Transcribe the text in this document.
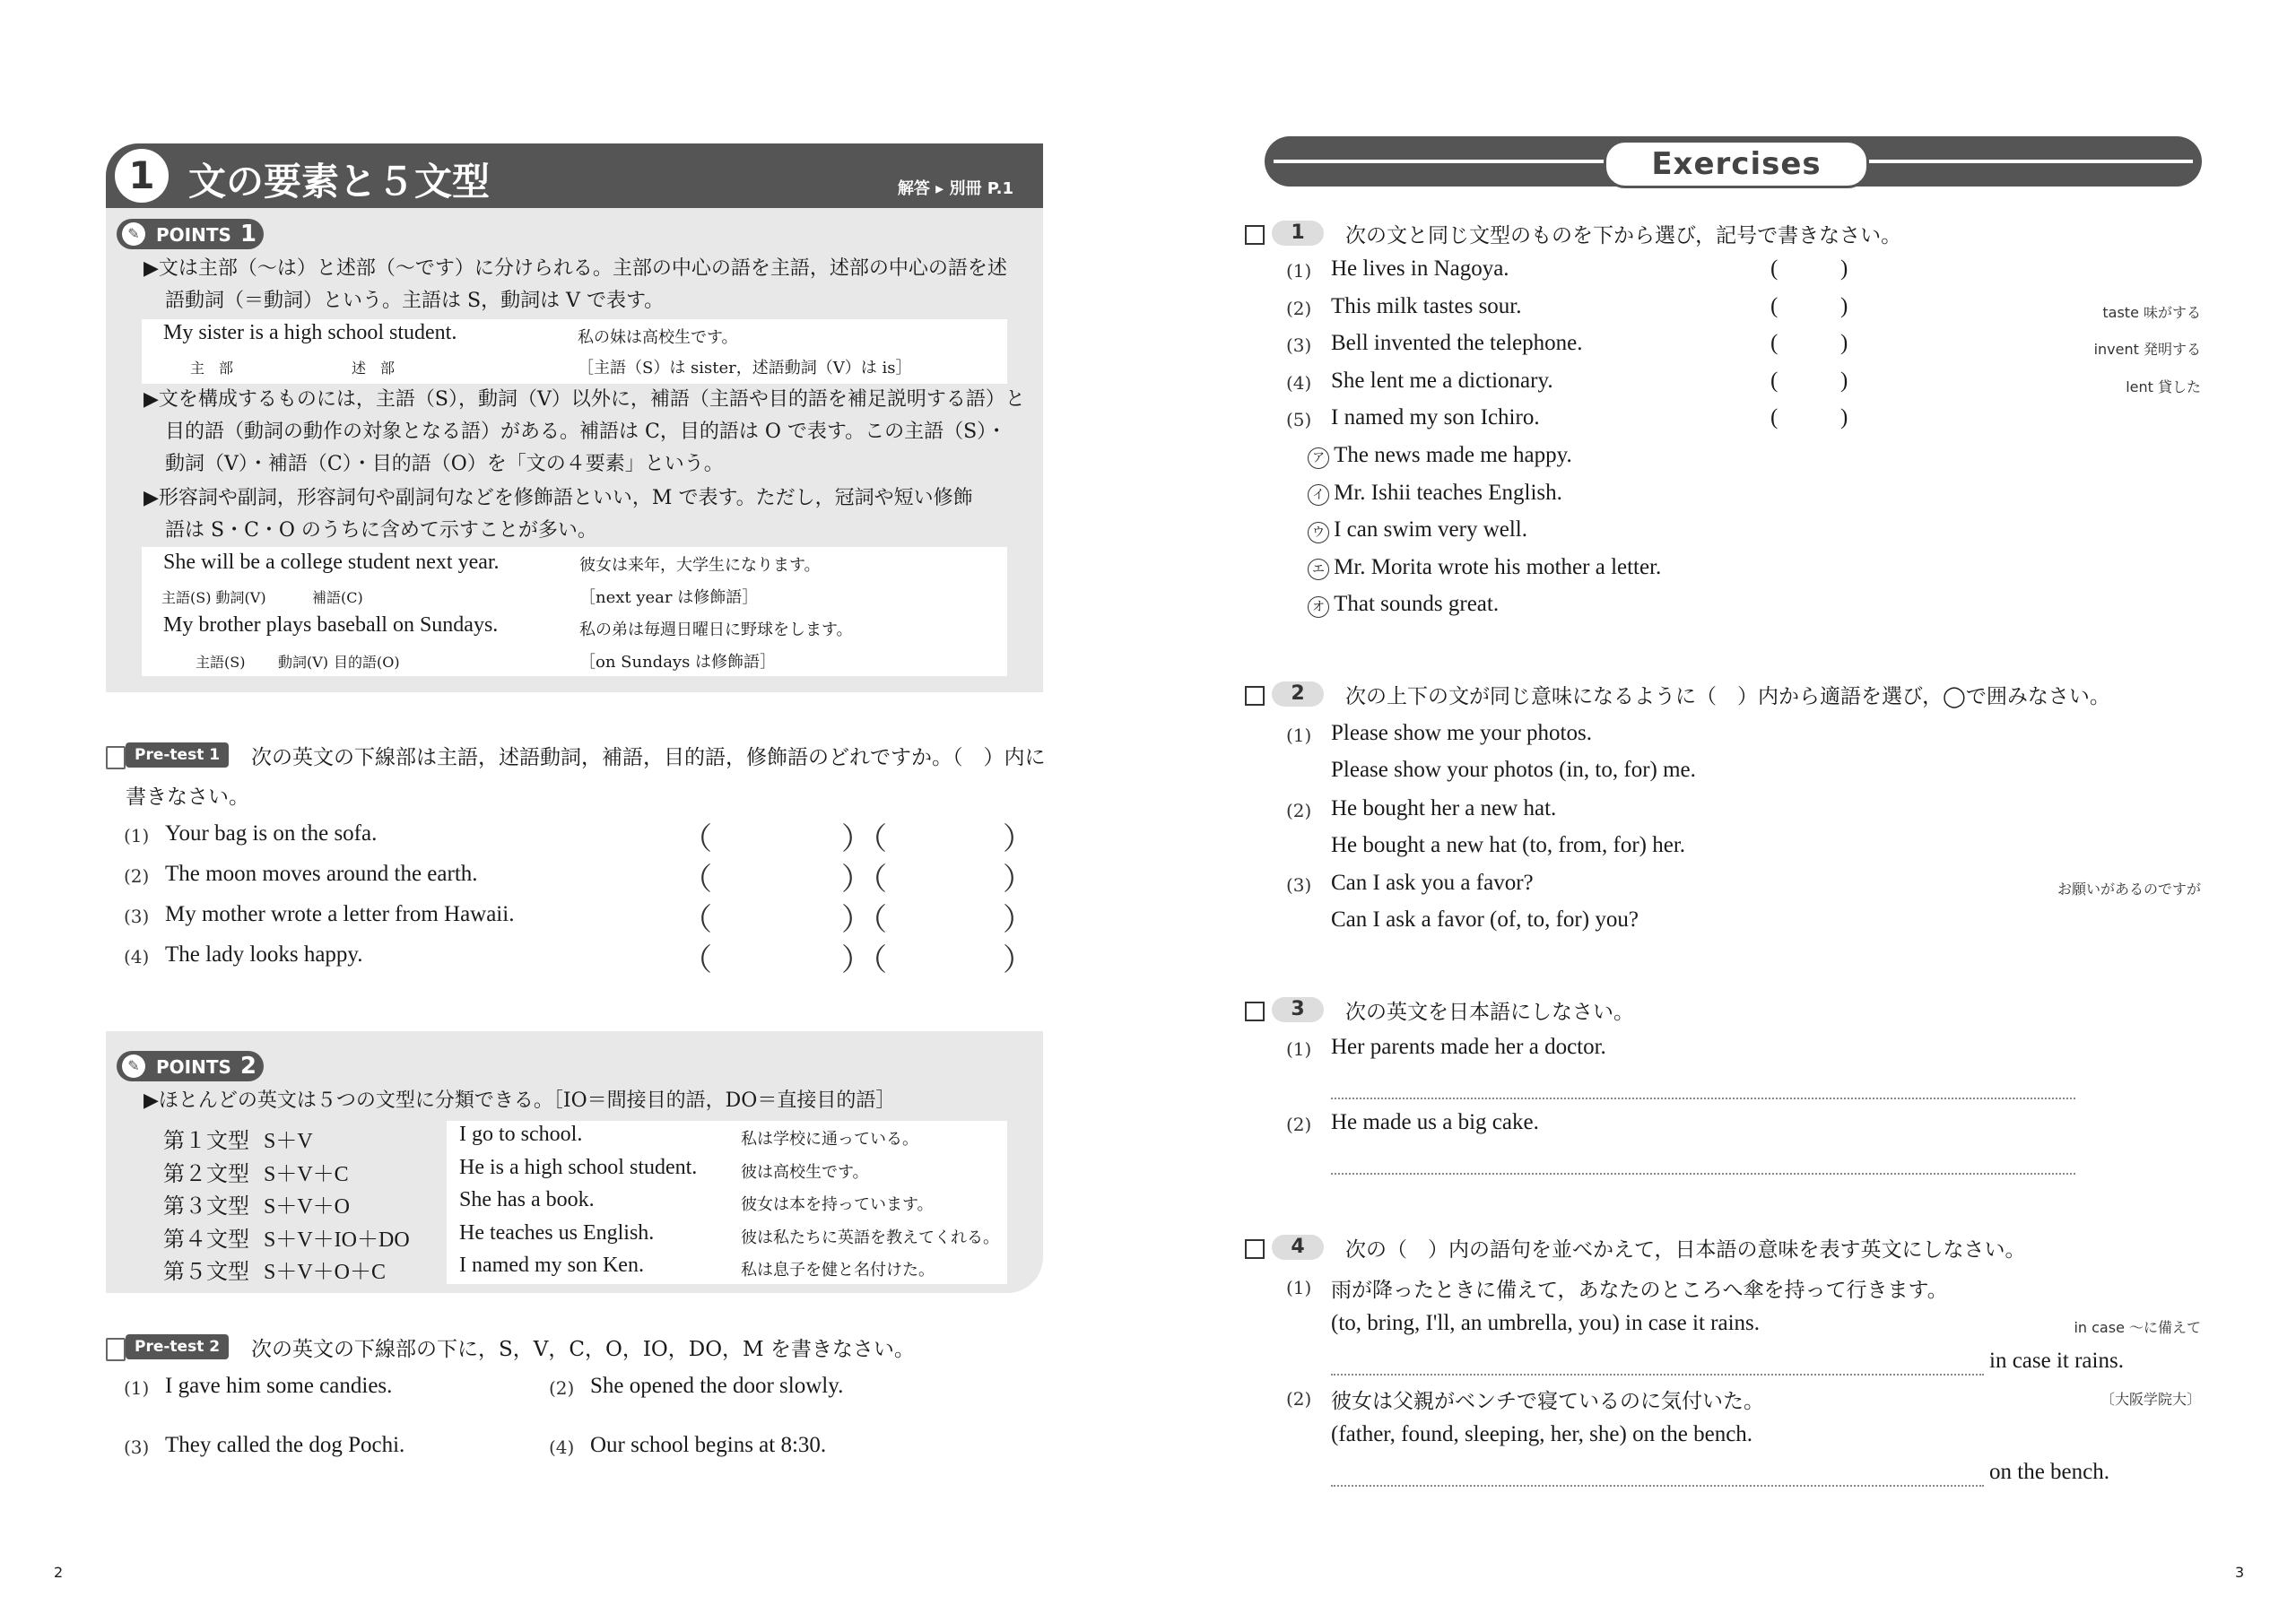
1 文の要素と５文型	解答 ▸ 別冊 P.1
✎ POINTS 1
▶文は主部（〜は）と述部（〜です）に分けられる。主部の中心の語を主語，述部の中心の語を述
語動詞（＝動詞）という。主語は S，動詞は V で表す。
My sister is a high school student.	私の妹は高校生です。
主　部	述　部	［主語（S）は sister，述語動詞（V）は is］
▶文を構成するものには，主語（S），動詞（V）以外に，補語（主語や目的語を補足説明する語）と
目的語（動詞の動作の対象となる語）がある。補語は C，目的語は O で表す。この主語（S）・
動詞（V）・補語（C）・目的語（O）を「文の４要素」という。
▶形容詞や副詞，形容詞句や副詞句などを修飾語といい，M で表す。ただし，冠詞や短い修飾
語は S・C・O のうちに含めて示すことが多い。
She will be a college student next year.	彼女は来年，大学生になります。
主語(S) 動詞(V)	補語(C)	［next year は修飾語］
My brother plays baseball on Sundays.	私の弟は毎週日曜日に野球をします。
主語(S) 動詞(V) 目的語(O)	［on Sundays は修飾語］
Pre-test 1	次の英文の下線部は主語，述語動詞，補語，目的語，修飾語のどれですか。（　）内に
書きなさい。
(1) Your bag is on the sofa.	（	）（	）
(2) The moon moves around the earth.	（	）（	）
(3) My mother wrote a letter from Hawaii.	（	）（	）
(4) The lady looks happy.	（	）（	）
✎ POINTS 2
▶ほとんどの英文は５つの文型に分類できる。［IO＝間接目的語，DO＝直接目的語］
第１文型 S＋V	I go to school.	私は学校に通っている。
第２文型 S＋V＋C	He is a high school student.	彼は高校生です。
第３文型 S＋V＋O	She has a book.	彼女は本を持っています。
第４文型 S＋V＋IO＋DO He teaches us English.	彼は私たちに英語を教えてくれる。
第５文型 S＋V＋O＋C	I named my son Ken.	私は息子を健と名付けた。
Pre-test 2	次の英文の下線部の下に，S，V，C，O，IO，DO，M を書きなさい。
(1) I gave him some candies.	(2) She opened the door slowly.
(3) They called the dog Pochi.	(4) Our school begins at 8:30.
2
Exercises
1	次の文と同じ文型のものを下から選び，記号で書きなさい。
(1) He lives in Nagoya.	(	)
(2) This milk tastes sour.	(	)	taste 味がする
(3) Bell invented the telephone.	(	)	invent 発明する
(4) She lent me a dictionary.	(	)	lent 貸した
(5) I named my son Ichiro.	(	)
ア The news made me happy.
イ Mr. Ishii teaches English.
ウ I can swim very well.
エ Mr. Morita wrote his mother a letter.
オ That sounds great.
2	次の上下の文が同じ意味になるように（　）内から適語を選び，◯で囲みなさい。
(1) Please show me your photos.
Please show your photos (in, to, for) me.
(2) He bought her a new hat.
He bought a new hat (to, from, for) her.
(3) Can I ask you a favor?
Can I ask a favor (of, to, for) you?
お願いがあるのですが
3	次の英文を日本語にしなさい。
(1) Her parents made her a doctor.
(2) He made us a big cake.
4	次の（　）内の語句を並べかえて，日本語の意味を表す英文にしなさい。
(1) 雨が降ったときに備えて，あなたのところへ傘を持って行きます。
(to, bring, I'll, an umbrella, you) in case it rains.	in case 〜に備えて
in case it rains.
(2) 彼女は父親がベンチで寝ているのに気付いた。
(father, found, sleeping, her, she) on the bench.
〔大阪学院大〕
on the bench.
3
